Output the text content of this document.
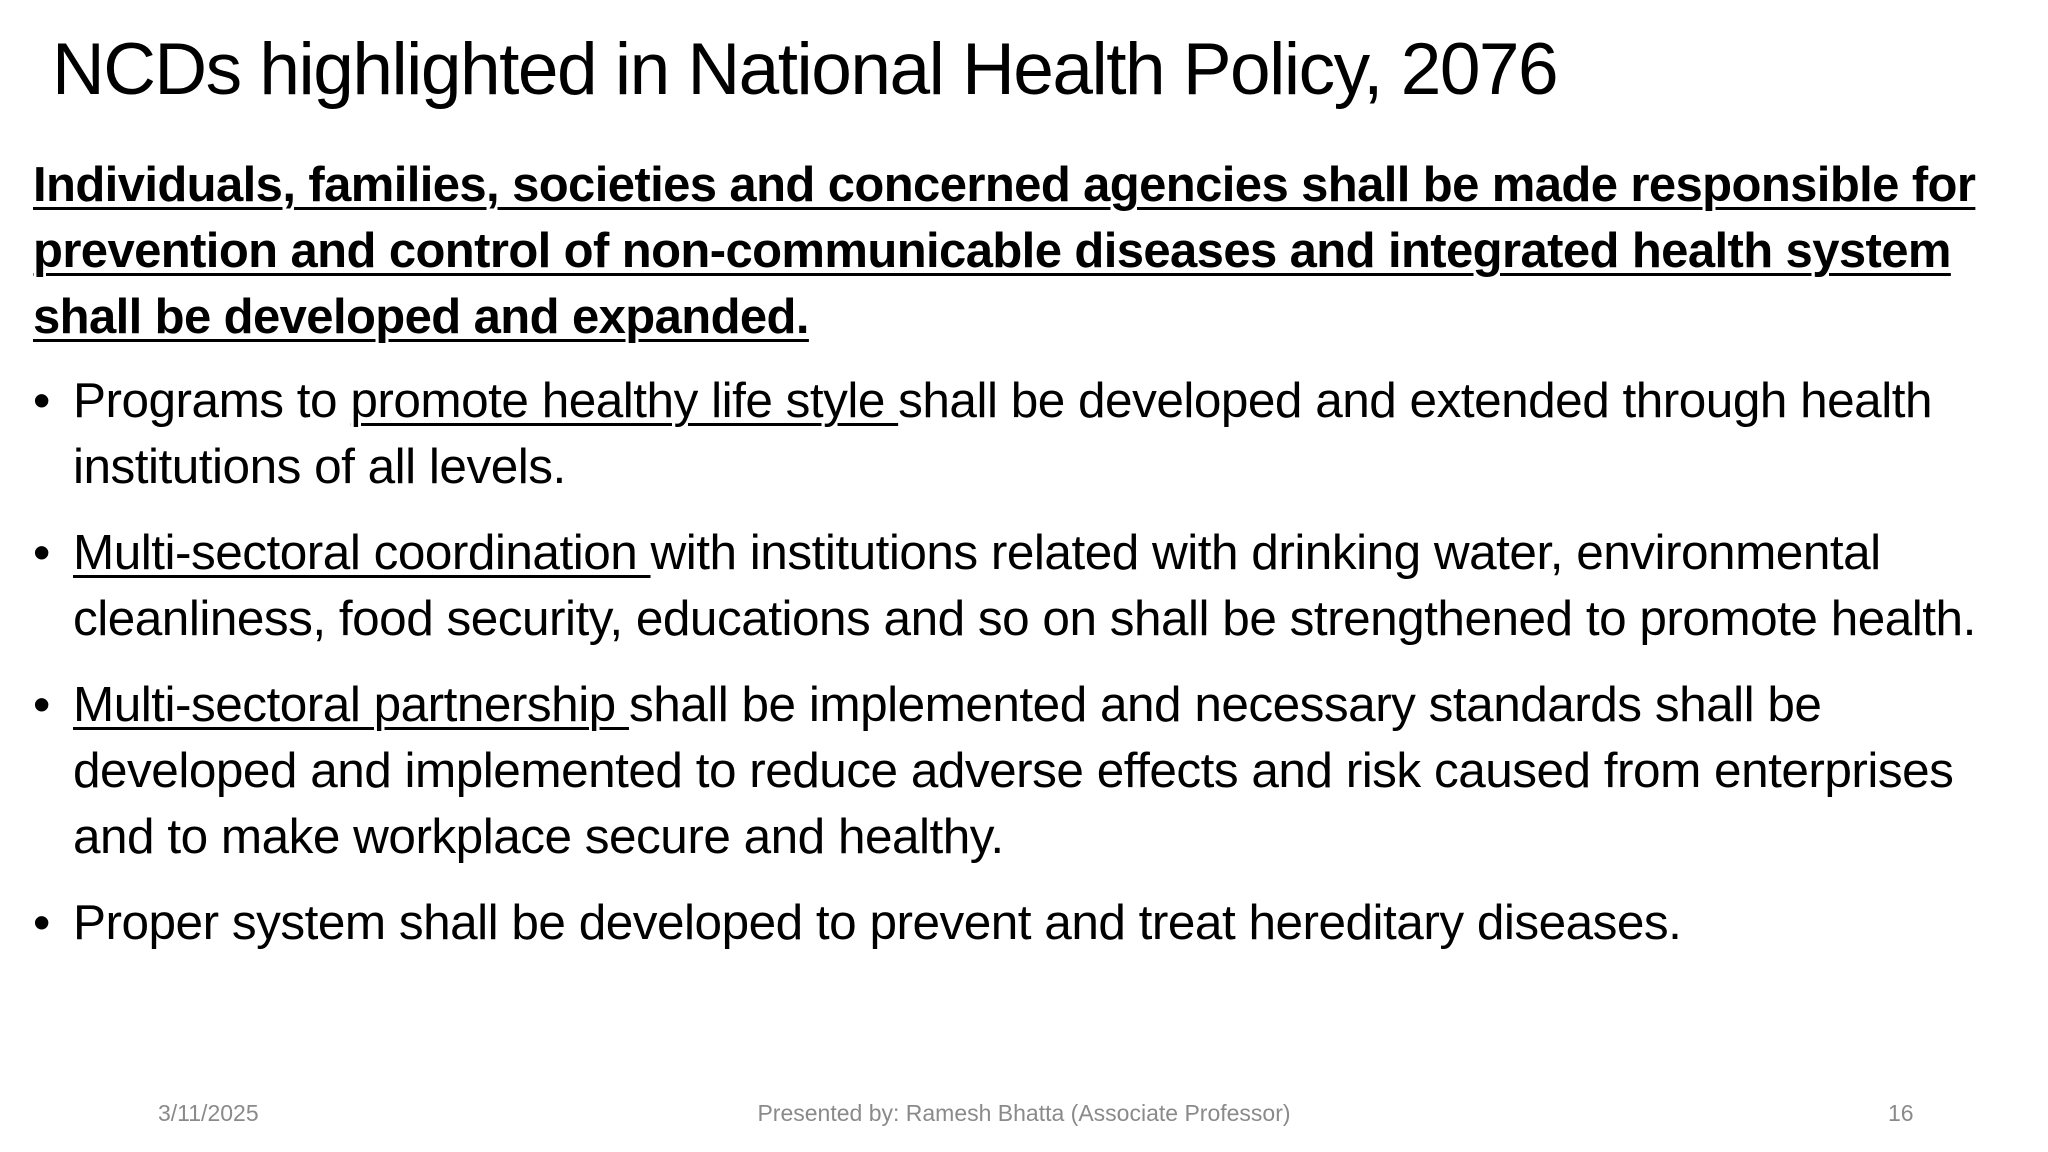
NCDs highlighted in National Health Policy, 2076

Individuals, families, societies and concerned agencies shall be made responsible for prevention and control of non-communicable diseases and integrated health system shall be developed and expanded.

• Programs to promote healthy life style shall be developed and extended through health institutions of all levels.
• Multi-sectoral coordination with institutions related with drinking water, environmental cleanliness, food security, educations and so on shall be strengthened to promote health.
• Multi-sectoral partnership shall be implemented and necessary standards shall be developed and implemented to reduce adverse effects and risk caused from enterprises and to make workplace secure and healthy.
• Proper system shall be developed to prevent and treat hereditary diseases.
3/11/2025	Presented by: Ramesh Bhatta (Associate Professor)	16
